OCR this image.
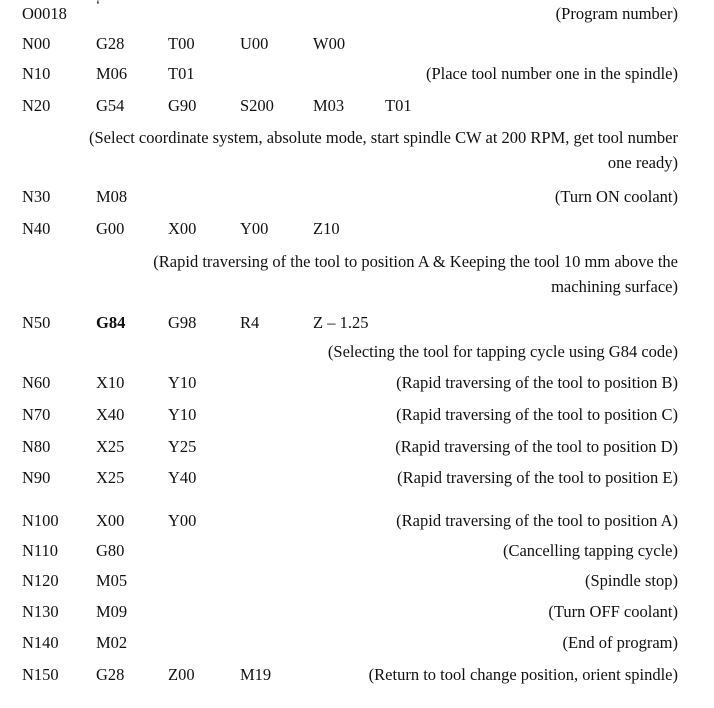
O0018	❛	(Program number)
N00	G28	T00	U00	W00
N10	M06 T01	(Place tool number one in the spindle)
N20	G54	G90	S200 M03 T01
(Select coordinate system, absolute mode, start spindle CW at 200 RPM, get tool number one ready)
N30	M08	(Turn ON coolant)
N40	G00	X00	Y00	Z10
(Rapid traversing of the tool to position A & Keeping the tool 10 mm above the machining surface)
N50	G84	G98	R4	Z – 1.25
(Selecting the tool for tapping cycle using G84 code)
N60	X10	Y10	(Rapid traversing of the tool to position B)
N70	X40	Y10	(Rapid traversing of the tool to position C)
N80	X25	Y25	(Rapid traversing of the tool to position D)
N90	X25	Y40	(Rapid traversing of the tool to position E)
N100 X00	Y00	(Rapid traversing of the tool to position A)
N110 G80	(Cancelling tapping cycle)
N120 M05	(Spindle stop)
N130 M09	(Turn OFF coolant)
N140 M02	(End of program)
N150 G28	Z00	M19	(Return to tool change position, orient spindle)
